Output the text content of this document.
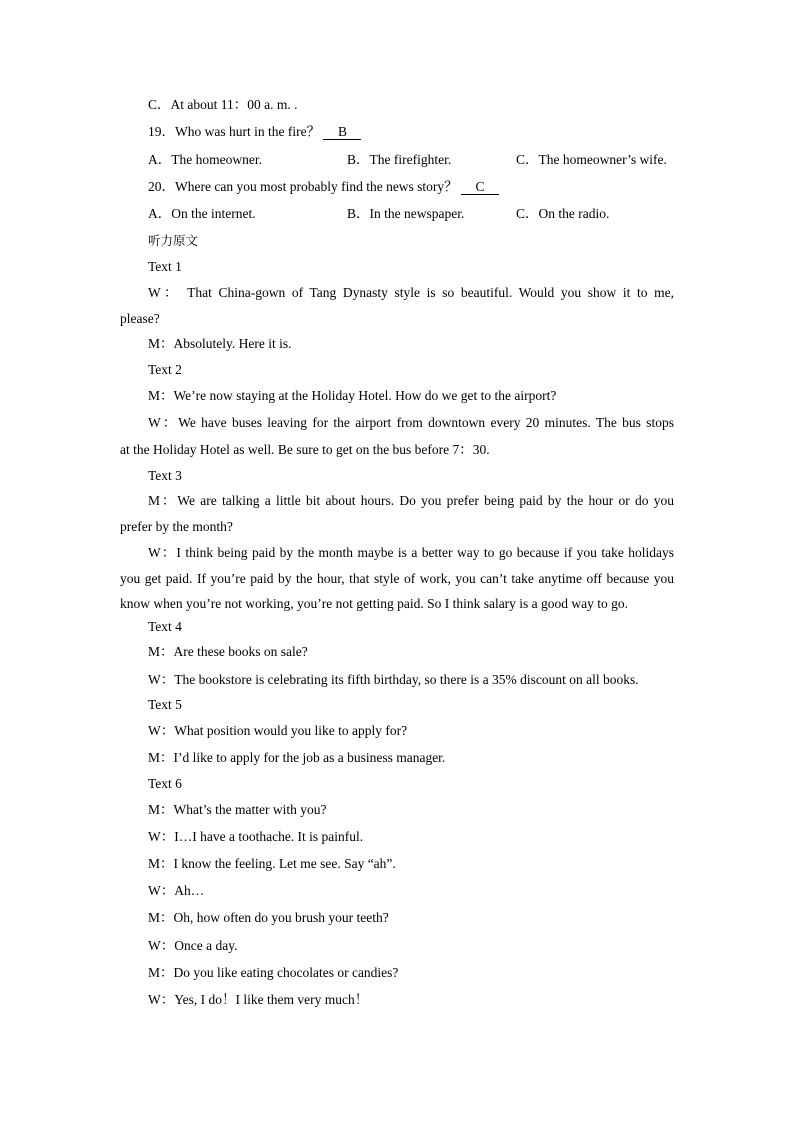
C．At about 11：00 a. m. .
19．Who was hurt in the fire？ B
A．The homeowner.	B．The firefighter.	C．The homeowner’s wife.
20．Where can you most probably find the news story？ C
A．On the internet.	B．In the newspaper.	C．On the radio.
听力原文
Text 1
W： That China-gown of Tang Dynasty style is so beautiful. Would you show it to me,
please?
M：Absolutely. Here it is.
Text 2
M：We’re now staying at the Holiday Hotel. How do we get to the airport?
W：We have buses leaving for the airport from downtown every 20 minutes. The bus stops
at the Holiday Hotel as well. Be sure to get on the bus before 7：30.
Text 3
M：We are talking a little bit about hours. Do you prefer being paid by the hour or do you
prefer by the month?
W：I think being paid by the month maybe is a better way to go because if you take holidays
you get paid. If you’re paid by the hour, that style of work, you can’t take anytime off because you
know when you’re not working, you’re not getting paid. So I think salary is a good way to go.
Text 4
M：Are these books on sale?
W：The bookstore is celebrating its fifth birthday, so there is a 35% discount on all books.
Text 5
W：What position would you like to apply for?
M：I’d like to apply for the job as a business manager.
Text 6
M：What’s the matter with you?
W：I…I have a toothache. It is painful.
M：I know the feeling. Let me see. Say “ah”.
W：Ah…
M：Oh, how often do you brush your teeth?
W：Once a day.
M：Do you like eating chocolates or candies?
W：Yes, I do！I like them very much！
